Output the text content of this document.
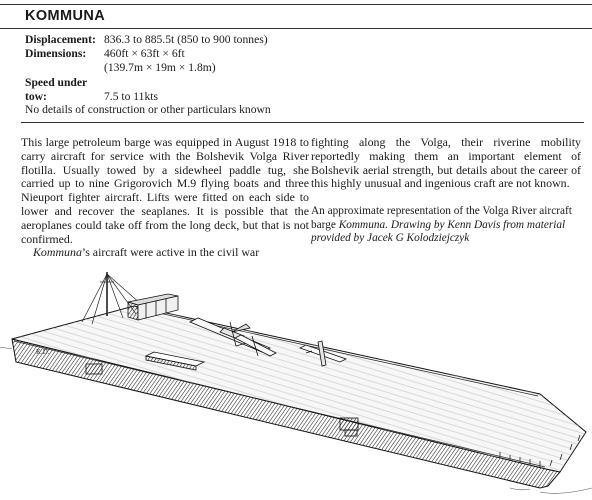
KOMMUNA
Displacement: 836.3 to 885.5t (850 to 900 tonnes)
Dimensions: 460ft × 63ft × 6ft
(139.7m × 19m × 1.8m)
Speed under
tow:	7.5 to 11kts
No details of construction or other particulars known

This large petroleum barge was equipped in August 1918 to carry aircraft for service with the Bolshevik Volga River flotilla. Usually towed by a sidewheel paddle tug, she carried up to nine Grigorovich M.9 flying boats and three Nieuport fighter aircraft. Lifts were fitted on each side to lower and recover the seaplanes. It is possible that the aeroplanes could take off from the long deck, but that is not confirmed.

Kommuna’s aircraft were active in the civil war

fighting along the Volga, their riverine mobility reportedly making them an important element of Bolshevik aerial strength, but details about the career of this highly unusual and ingenious craft are not known.

An approximate representation of the Volga River aircraft barge Kommuna. Drawing by Kenn Davis from material provided by Jacek G Kolodziejczyk

K.D.
